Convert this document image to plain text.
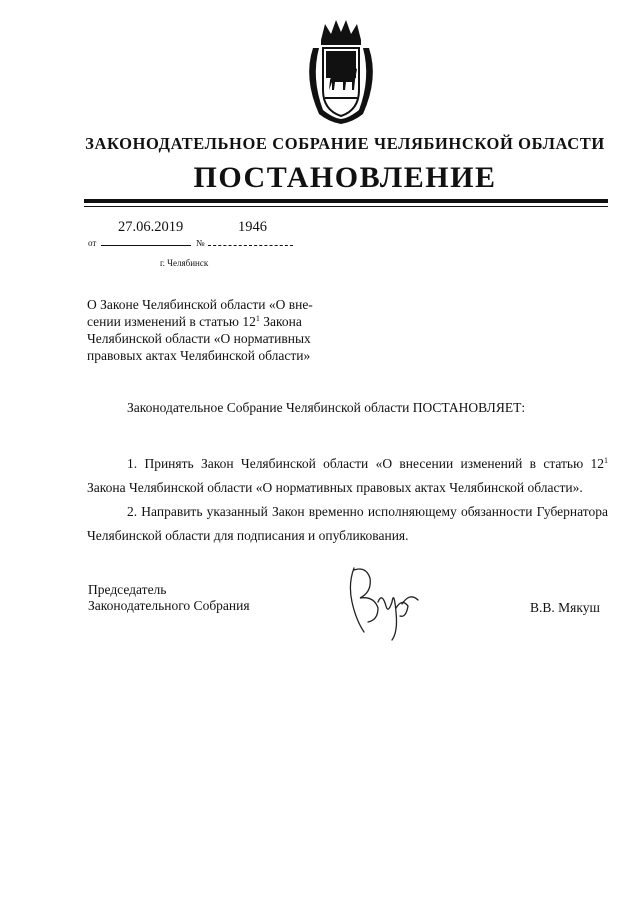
ЗАКОНОДАТЕЛЬНОЕ СОБРАНИЕ ЧЕЛЯБИНСКОЙ ОБЛАСТИ
ПОСТАНОВЛЕНИЕ
27.06.2019	1946
от	№
г. Челябинск
О Законе Челябинской области «О вне-
сении изменений в статью $12^1$ Закона
Челябинской области «О нормативных
правовых актах Челябинской области»
Законодательное Собрание Челябинской области ПОСТАНОВЛЯЕТ:
1. Принять Закон Челябинской области «О внесении изменений в статью $12^1$ Закона Челябинской области «О нормативных правовых актах Челябинской области».
2. Направить указанный Закон временно исполняющему обязанности Губернатора Челябинской области для подписания и опубликования.
Председатель
Законодательного Собрания	В.В. Мякуш
